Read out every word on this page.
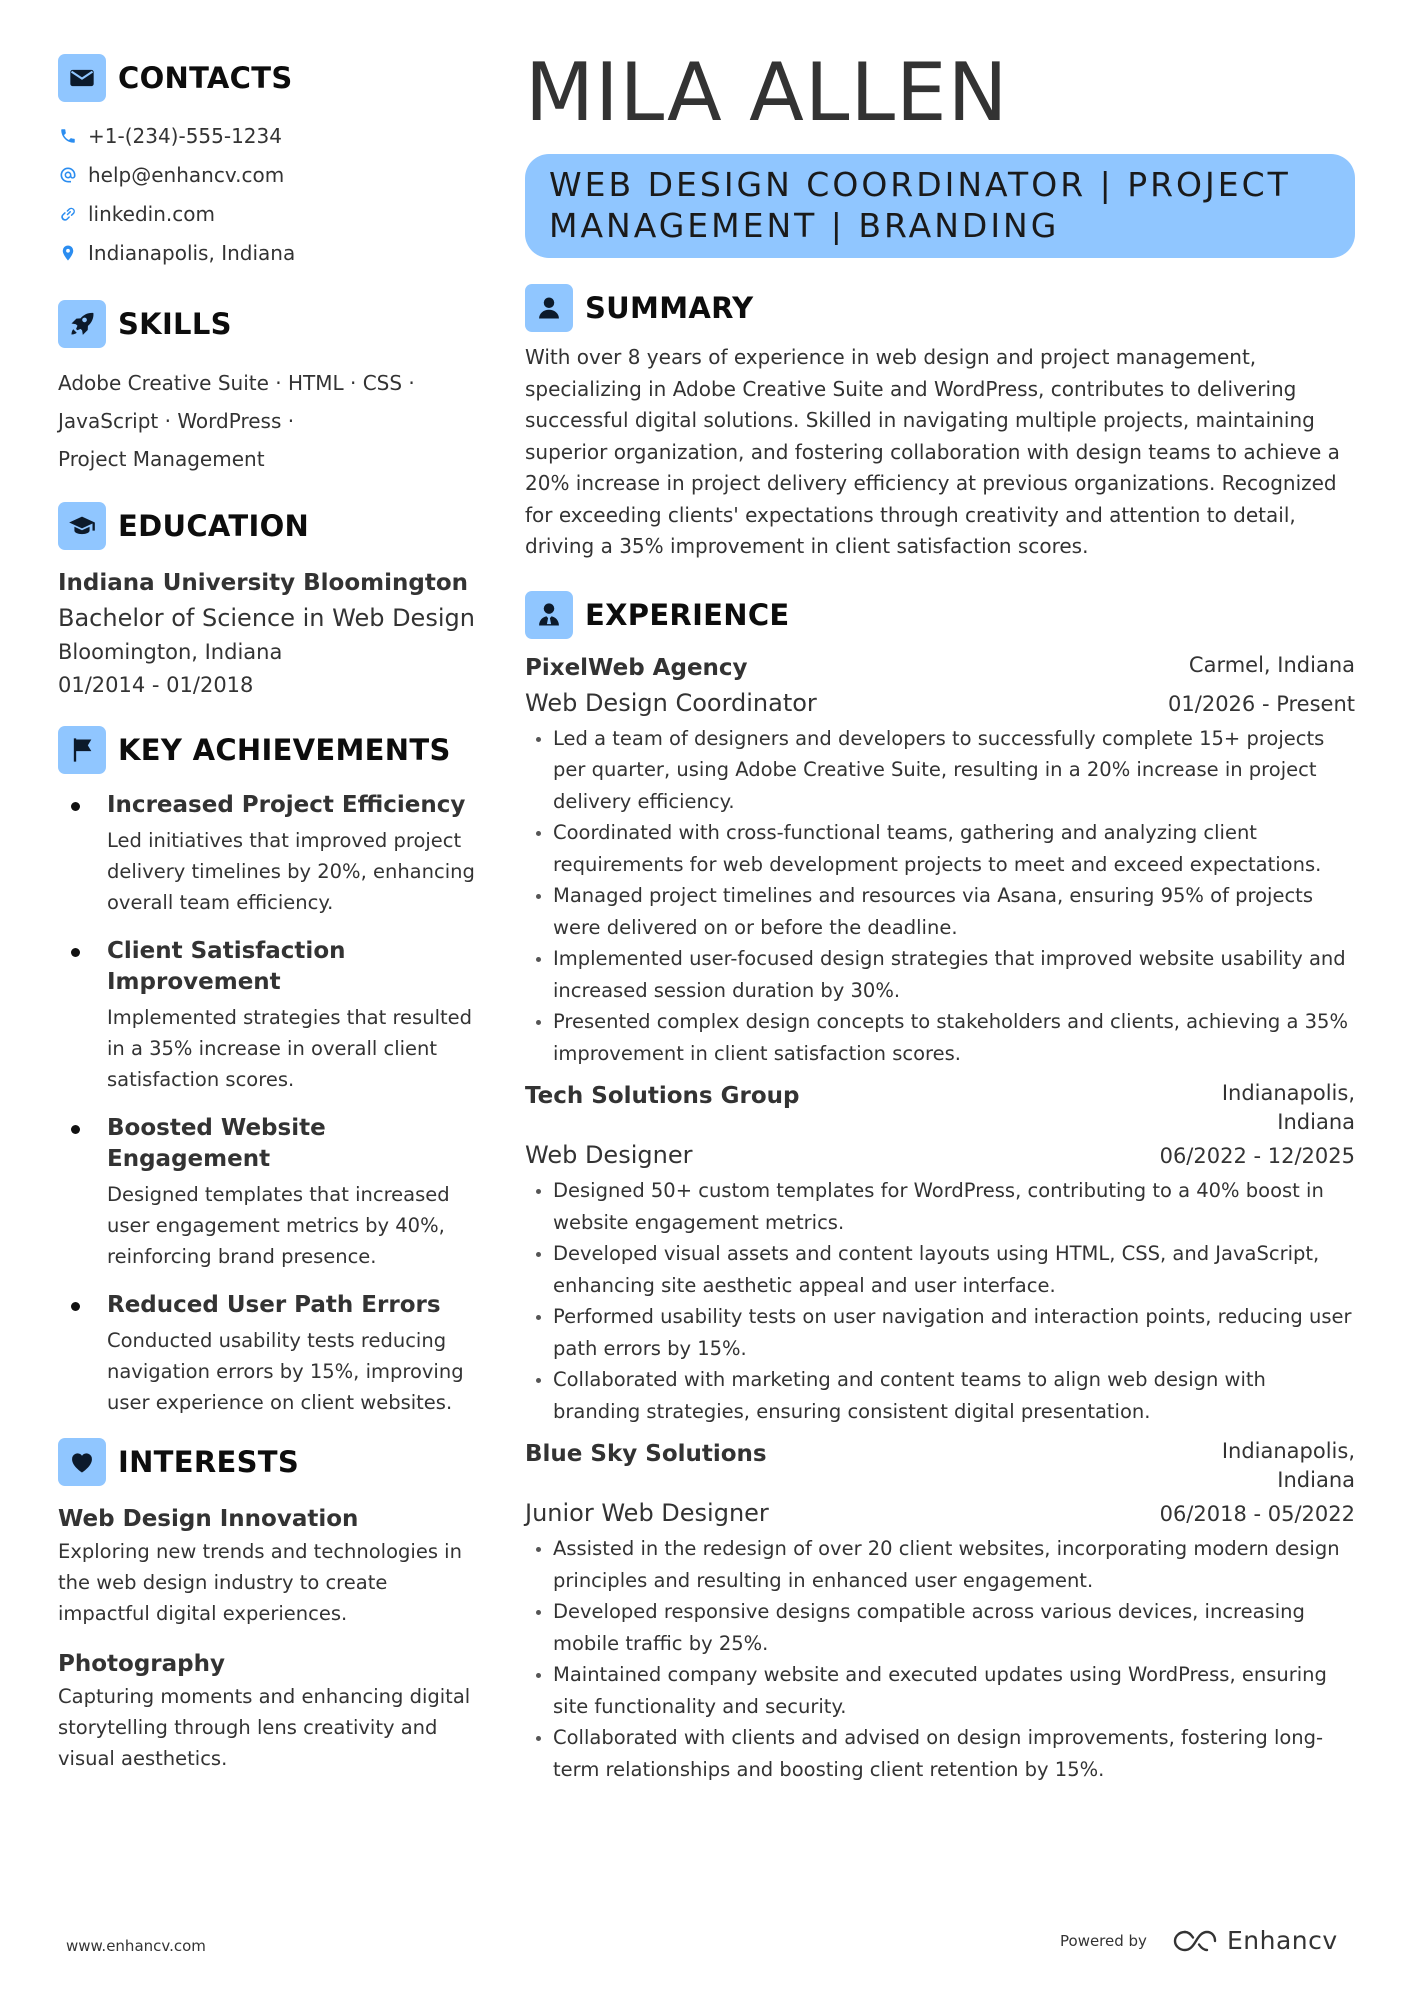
CONTACTS
+1-(234)-555-1234
help@enhancv.com
linkedin.com
Indianapolis, Indiana
SKILLS
Adobe Creative Suite · HTML · CSS ·
JavaScript · WordPress ·
Project Management
EDUCATION
Indiana University Bloomington
Bachelor of Science in Web Design
Bloomington, Indiana
01/2014 - 01/2018
KEY ACHIEVEMENTS
Increased Project Efficiency
Led initiatives that improved project delivery timelines by 20%, enhancing overall team efficiency.
Client Satisfaction Improvement
Implemented strategies that resulted in a 35% increase in overall client satisfaction scores.
Boosted Website Engagement
Designed templates that increased user engagement metrics by 40%, reinforcing brand presence.
Reduced User Path Errors
Conducted usability tests reducing navigation errors by 15%, improving user experience on client websites.
INTERESTS
Web Design Innovation
Exploring new trends and technologies in the web design industry to create impactful digital experiences.
Photography
Capturing moments and enhancing digital storytelling through lens creativity and visual aesthetics.
MILA ALLEN
WEB DESIGN COORDINATOR | PROJECT MANAGEMENT | BRANDING
SUMMARY
With over 8 years of experience in web design and project management, specializing in Adobe Creative Suite and WordPress, contributes to delivering successful digital solutions. Skilled in navigating multiple projects, maintaining superior organization, and fostering collaboration with design teams to achieve a 20% increase in project delivery efficiency at previous organizations. Recognized for exceeding clients' expectations through creativity and attention to detail, driving a 35% improvement in client satisfaction scores.
EXPERIENCE
PixelWeb Agency	Carmel, Indiana
Web Design Coordinator	01/2026 - Present
Led a team of designers and developers to successfully complete 15+ projects per quarter, using Adobe Creative Suite, resulting in a 20% increase in project delivery efficiency.
Coordinated with cross-functional teams, gathering and analyzing client requirements for web development projects to meet and exceed expectations.
Managed project timelines and resources via Asana, ensuring 95% of projects were delivered on or before the deadline.
Implemented user-focused design strategies that improved website usability and increased session duration by 30%.
Presented complex design concepts to stakeholders and clients, achieving a 35% improvement in client satisfaction scores.
Tech Solutions Group	Indianapolis, Indiana
Web Designer	06/2022 - 12/2025
Designed 50+ custom templates for WordPress, contributing to a 40% boost in website engagement metrics.
Developed visual assets and content layouts using HTML, CSS, and JavaScript, enhancing site aesthetic appeal and user interface.
Performed usability tests on user navigation and interaction points, reducing user path errors by 15%.
Collaborated with marketing and content teams to align web design with branding strategies, ensuring consistent digital presentation.
Blue Sky Solutions	Indianapolis, Indiana
Junior Web Designer	06/2018 - 05/2022
Assisted in the redesign of over 20 client websites, incorporating modern design principles and resulting in enhanced user engagement.
Developed responsive designs compatible across various devices, increasing mobile traffic by 25%.
Maintained company website and executed updates using WordPress, ensuring site functionality and security.
Collaborated with clients and advised on design improvements, fostering long-term relationships and boosting client retention by 15%.
www.enhancv.com	Powered by	Enhancv
